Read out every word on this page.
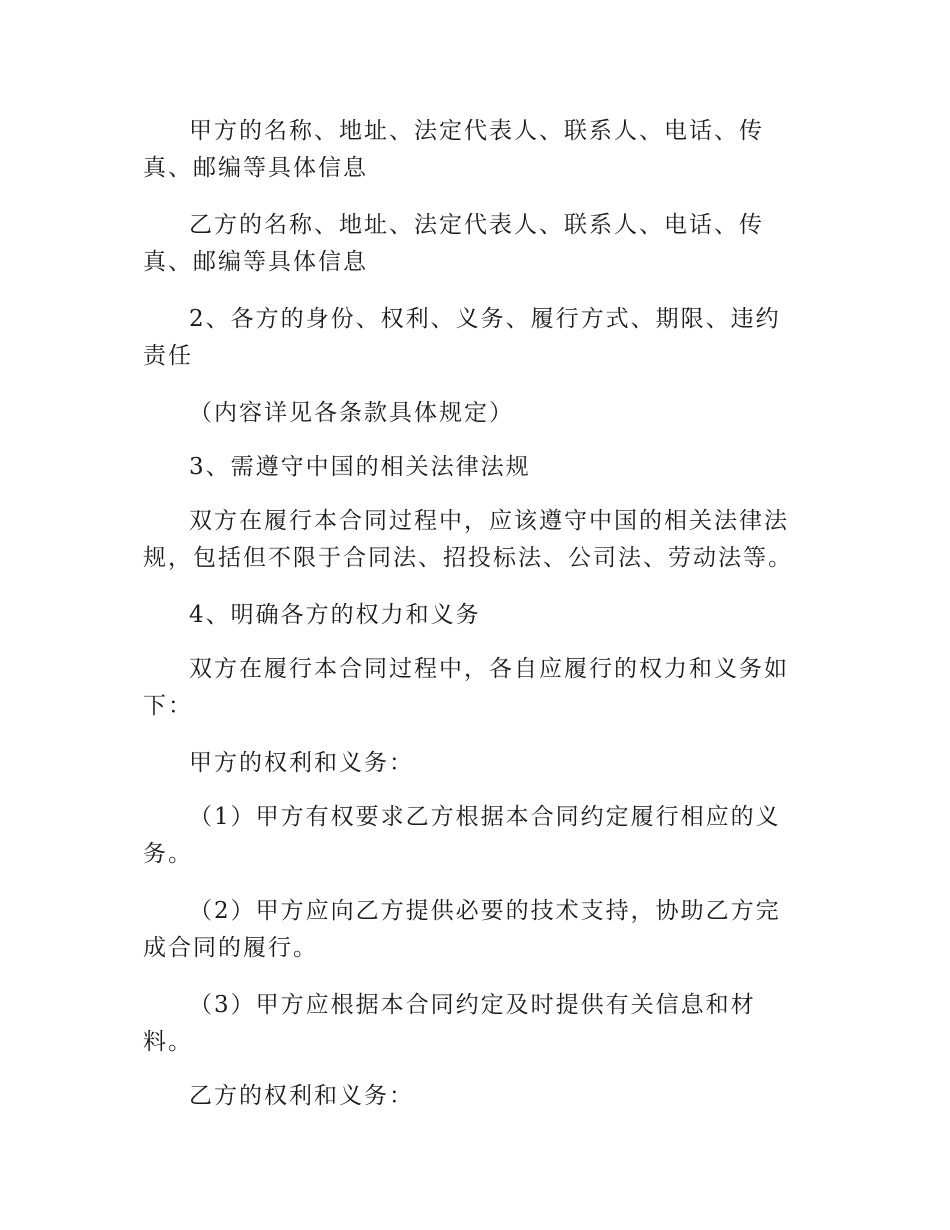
甲方的名称、地址、法定代表人、联系人、电话、传真、邮编等具体信息

乙方的名称、地址、法定代表人、联系人、电话、传真、邮编等具体信息

2、各方的身份、权利、义务、履行方式、期限、违约责任

（内容详见各条款具体规定）

3、需遵守中国的相关法律法规

双方在履行本合同过程中，应该遵守中国的相关法律法规，包括但不限于合同法、招投标法、公司法、劳动法等。

4、明确各方的权力和义务

双方在履行本合同过程中，各自应履行的权力和义务如下：

甲方的权利和义务：

（1）甲方有权要求乙方根据本合同约定履行相应的义务。

（2）甲方应向乙方提供必要的技术支持，协助乙方完成合同的履行。

（3）甲方应根据本合同约定及时提供有关信息和材料。

乙方的权利和义务：
